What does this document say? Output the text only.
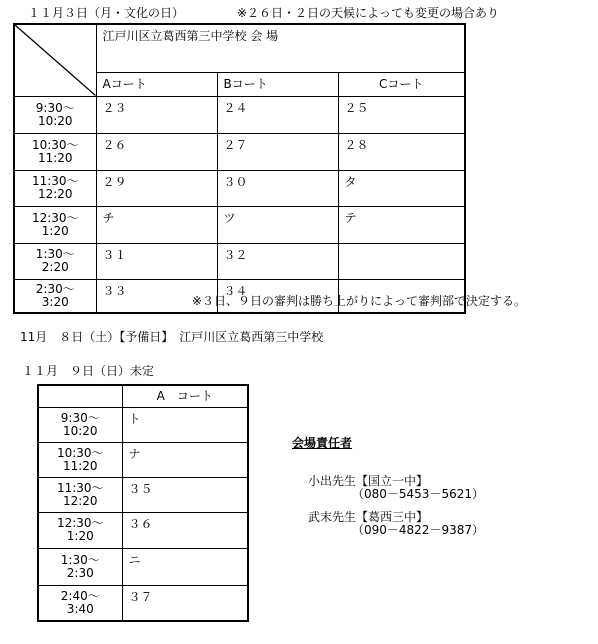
１１月３日（月・文化の日）	※２６日・２日の天候によっても変更の場合あり
	江戸川区立葛西第三中学校 会 場		
	Aコート	Bコート	Cコート

9:30～
10:20	２３	２４	２５

10:30～
11:20	２６	２７	２８

11:30～
12:20	２９	３０	タ

12:30～
1:20	チ	ツ	テ

1:30～
2:20	３１	３２	

2:30～
3:20	３３	３４	
※３日、９日の審判は勝ち上がりによって審判部で決定する。
11月　８日（土）【予備日】　江戸川区立葛西第三中学校
１１月　９日（日）未定
	A　コート

9:30～
10:20	ト

10:30～
11:20	ナ

11:30～
12:20	３５

12:30～
1:20	３６

1:30～
2:30	ニ

2:40～
3:40	３７
会場責任者
小出先生【国立一中】
（080－5453－5621）
武末先生【葛西三中】
（090－4822－9387）
